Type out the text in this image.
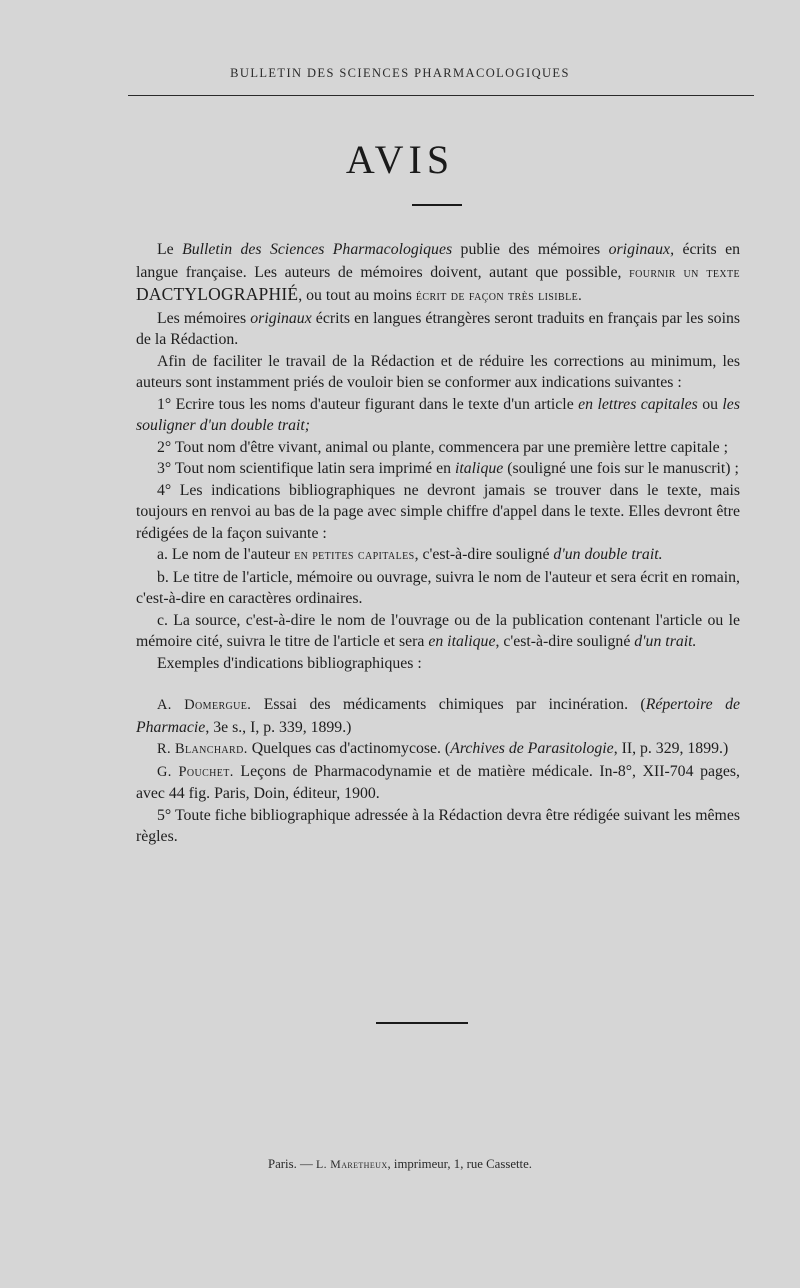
BULLETIN DES SCIENCES PHARMACOLOGIQUES
AVIS

Le Bulletin des Sciences Pharmacologiques publie des mémoires originaux, écrits en langue française. Les auteurs de mémoires doivent, autant que possible, fournir un texte DACTYLOGRAPHIÉ, ou tout au moins écrit de façon très lisible.

Les mémoires originaux écrits en langues étrangères seront traduits en français par les soins de la Rédaction.

Afin de faciliter le travail de la Rédaction et de réduire les corrections au minimum, les auteurs sont instamment priés de vouloir bien se conformer aux indications suivantes :

1° Ecrire tous les noms d'auteur figurant dans le texte d'un article en lettres capitales ou les souligner d'un double trait;

2° Tout nom d'être vivant, animal ou plante, commencera par une première lettre capitale ;

3° Tout nom scientifique latin sera imprimé en italique (souligné une fois sur le manuscrit) ;

4° Les indications bibliographiques ne devront jamais se trouver dans le texte, mais toujours en renvoi au bas de la page avec simple chiffre d'appel dans le texte. Elles devront être rédigées de la façon suivante :

a. Le nom de l'auteur en petites capitales, c'est-à-dire souligné d'un double trait.

b. Le titre de l'article, mémoire ou ouvrage, suivra le nom de l'auteur et sera écrit en romain, c'est-à-dire en caractères ordinaires.

c. La source, c'est-à-dire le nom de l'ouvrage ou de la publication contenant l'article ou le mémoire cité, suivra le titre de l'article et sera en italique, c'est-à-dire souligné d'un trait.

Exemples d'indications bibliographiques :

A. Domergue. Essai des médicaments chimiques par incinération. (Répertoire de Pharmacie, 3e s., I, p. 339, 1899.)

R. Blanchard. Quelques cas d'actinomycose. (Archives de Parasitologie, II, p. 329, 1899.)

G. Pouchet. Leçons de Pharmacodynamie et de matière médicale. In-8°, XII-704 pages, avec 44 fig. Paris, Doin, éditeur, 1900.

5° Toute fiche bibliographique adressée à la Rédaction devra être rédigée suivant les mêmes règles.

Paris. — L. Maretheux, imprimeur, 1, rue Cassette.
